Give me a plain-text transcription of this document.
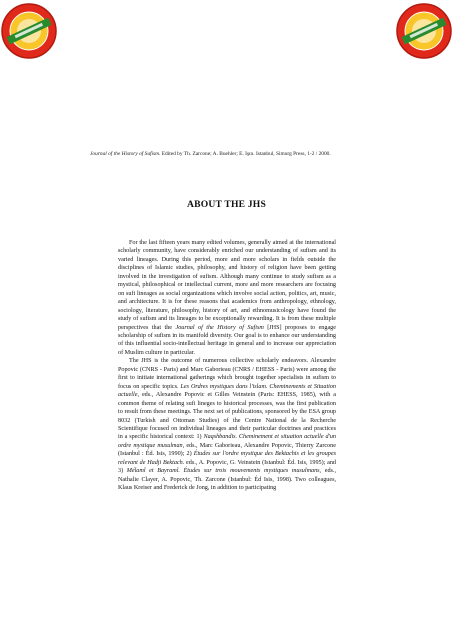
Journal of the History of Sufism. Edited by Th. Zarcone; A. Buehler; E. Işın. Istanbul, Simurg Press, 1-2 / 2000.
ABOUT THE JHS

For the last fifteen years many edited volumes, generally aimed at the international scholarly community, have considerably enriched our understanding of sufism and its varied lineages. During this period, more and more scholars in fields outside the disciplines of Islamic studies, philosophy, and history of religion have been getting involved in the investigation of sufism. Although many continue to study sufism as a mystical, philosophical or intellectual current, more and more researchers are focusing on sufi lineages as social organizations which involve social action, politics, art, music, and architecture. It is for these reasons that academics from anthropology, ethnology, sociology, literature, philosophy, history of art, and ethnomusicology have found the study of sufism and its lineages to be exceptionally rewarding. It is from these multiple perspectives that the Journal of the History of Sufism [JHS] proposes to engage scholarship of sufism in its manifold diversity. Our goal is to enhance our understanding of this influential socio-intellectual heritage in general and to increase our appreciation of Muslim culture in particular.

The JHS is the outcome of numerous collective scholarly endeavors. Alexandre Popovic (CNRS - Paris) and Marc Gaborieau (CNRS / EHESS - Paris) were among the first to initiate international gatherings which brought together specialists in sufism to focus on specific topics. Les Ordres mystiques dans l'islam. Cheminements et Situation actuelle, eds., Alexandre Popovic et Gilles Veinstein (Paris: EHESS, 1985), with a common theme of relating sufi lineges to historical processes, was the first publication to result from these meetings. The next set of publications, sponsored by the ESA group 8032 (Turkish and Ottoman Studies) of the Centre National de la Recherche Scientifique focused on individual lineages and their particular doctrines and practices in a specific historical context: 1) Naqshbandis. Cheminement et situation actuelle d'un ordre mystique musulman, eds., Marc Gaborieau, Alexandre Popovic, Thierry Zarcone (Istanbul : Éd. Isis, 1990); 2) Études sur l'ordre mystique des Bektachis et les groupes relevant de Hadji Bektach. eds., A. Popovic, G. Veinstein (Istanbul: Éd. Isis, 1995); and 3) Mélamî et Bayramî. Études sur trois mouvements mystiques musulmans, eds., Nathalie Clayer, A. Popovic, Th. Zarcone (Istanbul: Éd Isis, 1998). Two colleagues, Klaus Kreiser and Frederick de Jong, in addition to participating
